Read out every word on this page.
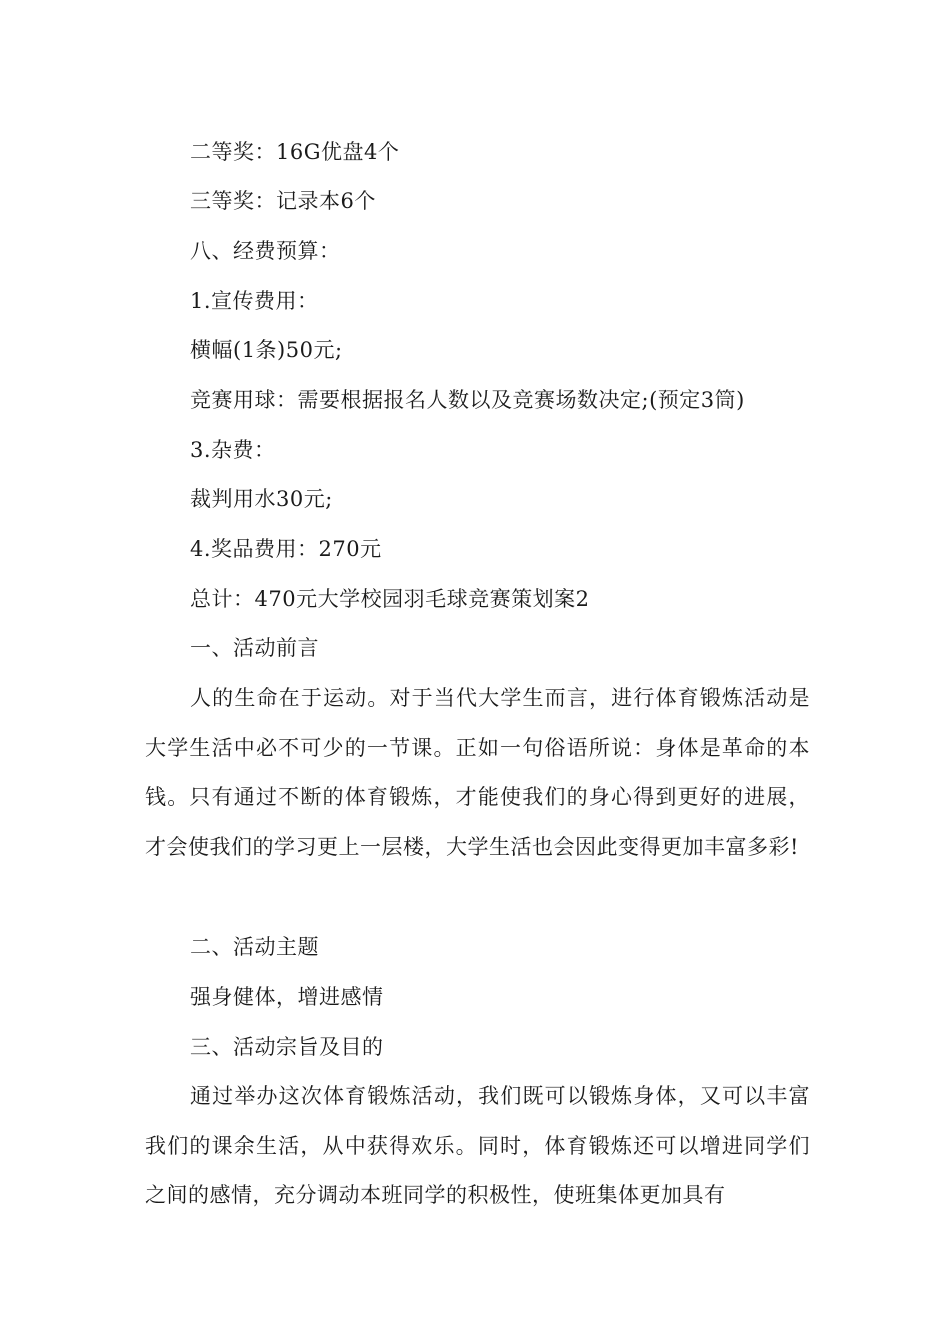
二等奖：16G优盘4个
三等奖：记录本6个
八、经费预算：
1.宣传费用：
横幅(1条)50元;
竞赛用球：需要根据报名人数以及竞赛场数决定;(预定3筒)
3.杂费：
裁判用水30元;
4.奖品费用：270元
总计：470元大学校园羽毛球竞赛策划案2
一、活动前言
人的生命在于运动。对于当代大学生而言，进行体育锻炼活动是大学生活中必不可少的一节课。正如一句俗语所说：身体是革命的本钱。只有通过不断的体育锻炼，才能使我们的身心得到更好的进展，才会使我们的学习更上一层楼，大学生活也会因此变得更加丰富多彩!
二、活动主题
强身健体，增进感情
三、活动宗旨及目的
通过举办这次体育锻炼活动，我们既可以锻炼身体，又可以丰富我们的课余生活，从中获得欢乐。同时，体育锻炼还可以增进同学们之间的感情，充分调动本班同学的积极性，使班集体更加具有
